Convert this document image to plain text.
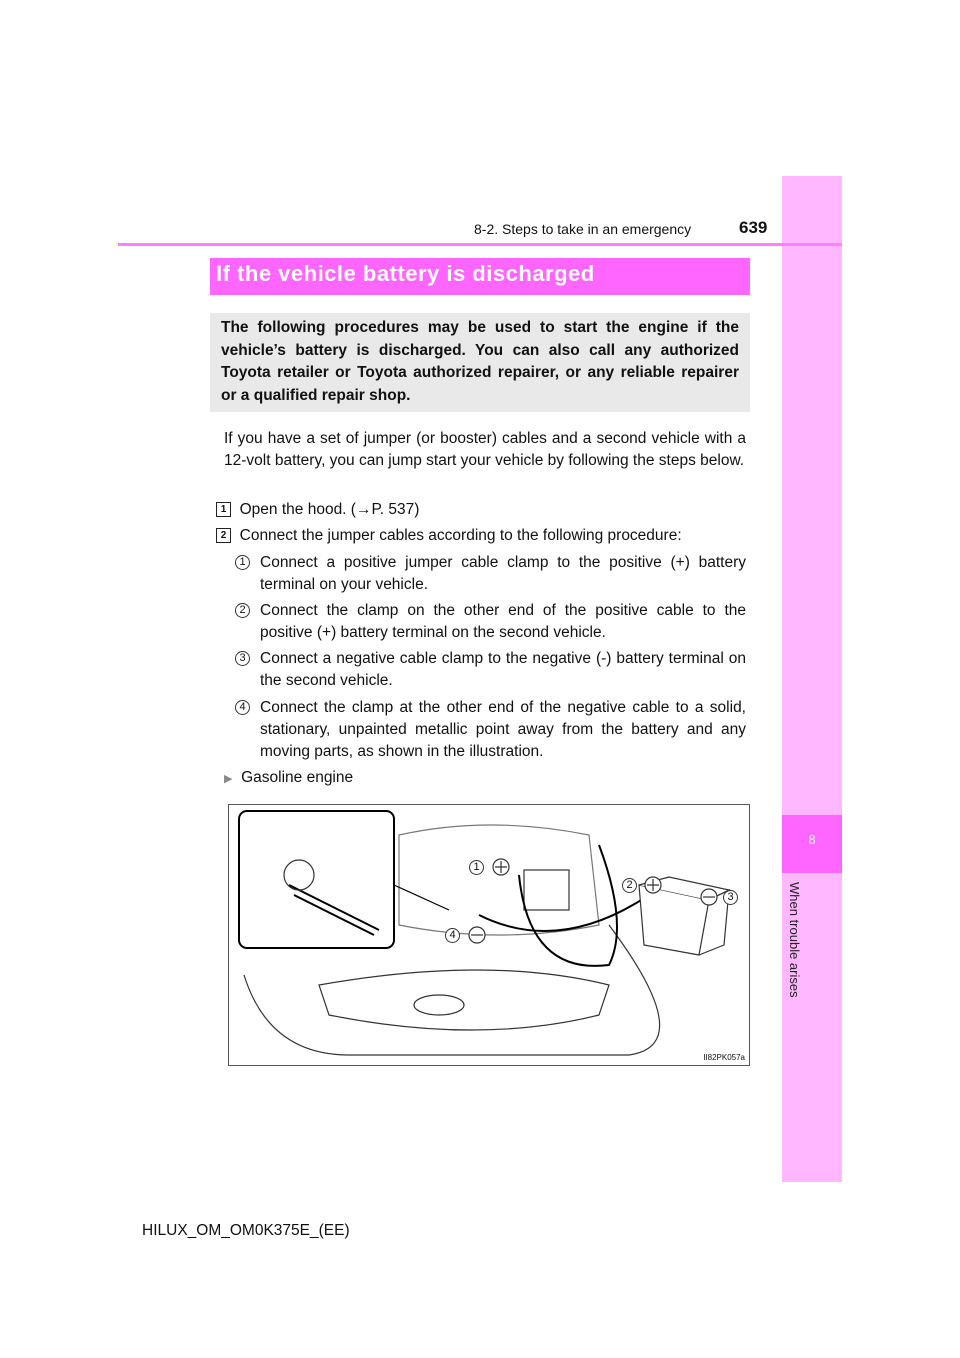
8
When trouble arises
8-2. Steps to take in an emergency	639
If the vehicle battery is discharged
The following procedures may be used to start the engine if the vehicle’s battery is discharged. You can also call any authorized Toyota retailer or Toyota authorized repairer, or any reliable repairer or a qualified repair shop.
If you have a set of jumper (or booster) cables and a second vehicle with a 12-volt battery, you can jump start your vehicle by following the steps below.
1 Open the hood. (→P. 537)
2 Connect the jumper cables according to the following procedure:
1 Connect a positive jumper cable clamp to the positive (+) battery terminal on your vehicle.
2 Connect the clamp on the other end of the positive cable to the positive (+) battery terminal on the second vehicle.
3 Connect a negative cable clamp to the negative (-) battery terminal on the second vehicle.
4 Connect the clamp at the other end of the negative cable to a solid, stationary, unpainted metallic point away from the battery and any moving parts, as shown in the illustration.
▶ Gasoline engine
1
2
3
4
II82PK057a
HILUX_OM_OM0K375E_(EE)
